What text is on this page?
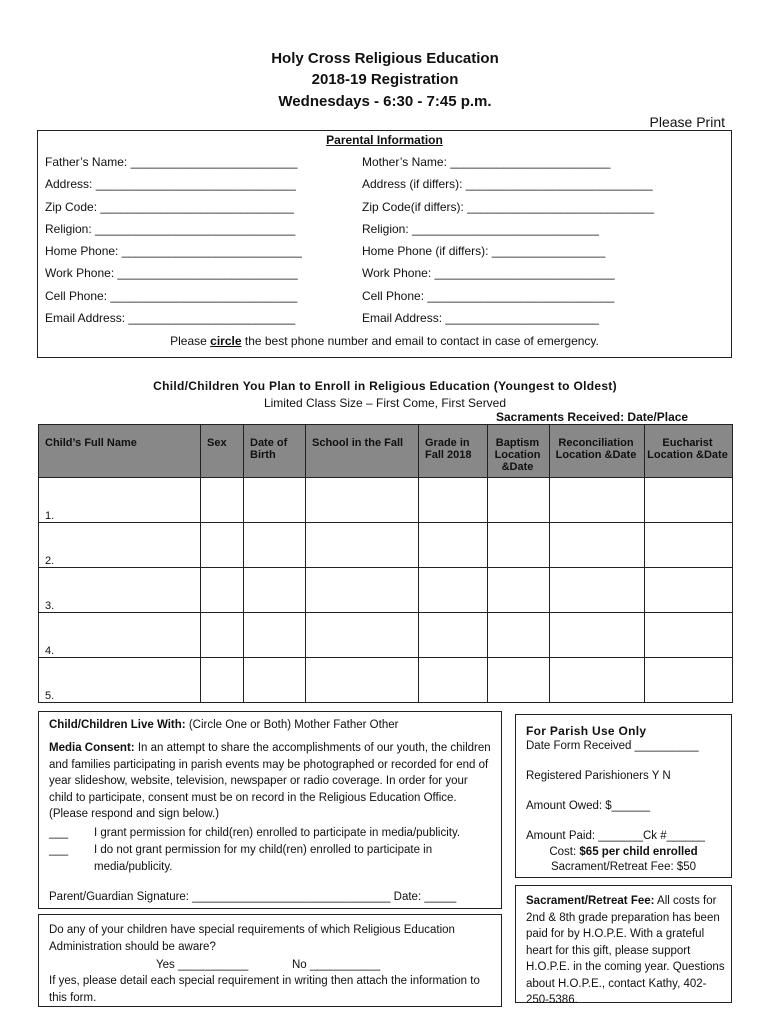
Holy Cross Religious Education
2018-19 Registration
Wednesdays - 6:30 - 7:45 p.m.
Please Print
Parental Information
Father’s Name: _________________________
Address: ______________________________
Zip Code: _____________________________
Religion: ______________________________
Home Phone: ___________________________
Work Phone: ___________________________
Cell Phone: ____________________________
Email Address: _________________________
Mother’s Name: ________________________
Address (if differs): ____________________________
Zip Code(if differs): ____________________________
Religion: ____________________________
Home Phone (if differs): _________________
Work Phone: ___________________________
Cell Phone: ____________________________
Email Address: _______________________
Please circle the best phone number and email to contact in case of emergency.
Child/Children You Plan to Enroll in Religious Education (Youngest to Oldest)
Limited Class Size – First Come, First Served
Sacraments Received: Date/Place
Child’s Full Name	Sex	Date of Birth	School in the Fall	Grade in Fall 2018	Baptism Location &Date	Reconciliation Location &Date	Eucharist Location &Date
1.							
2.							
3.							
4.							
5.							
Child/Children Live With: (Circle One or Both) Mother Father Other
Media Consent: In an attempt to share the accomplishments of our youth, the children and families participating in parish events may be photographed or recorded for end of year slideshow, website, television, newspaper or radio coverage. In order for your child to participate, consent must be on record in the Religious Education Office. (Please respond and sign below.)
___ I grant permission for child(ren) enrolled to participate in media/publicity.
___ I do not grant permission for my child(ren) enrolled to participate in media/publicity.
Parent/Guardian Signature: _______________________________ Date: _____
Do any of your children have special requirements of which Religious Education Administration should be aware?
Yes ___________	No ___________
If yes, please detail each special requirement in writing then attach the information to this form.
For Parish Use Only
Date Form Received __________
Registered Parishioners Y N
Amount Owed: $______
Amount Paid: _______Ck #______
Cost: $65 per child enrolled
Sacrament/Retreat Fee: $50
Sacrament/Retreat Fee: All costs for 2nd & 8th grade preparation has been paid for by H.O.P.E. With a grateful heart for this gift, please support H.O.P.E. in the coming year. Questions about H.O.P.E., contact Kathy, 402-250-5386.
